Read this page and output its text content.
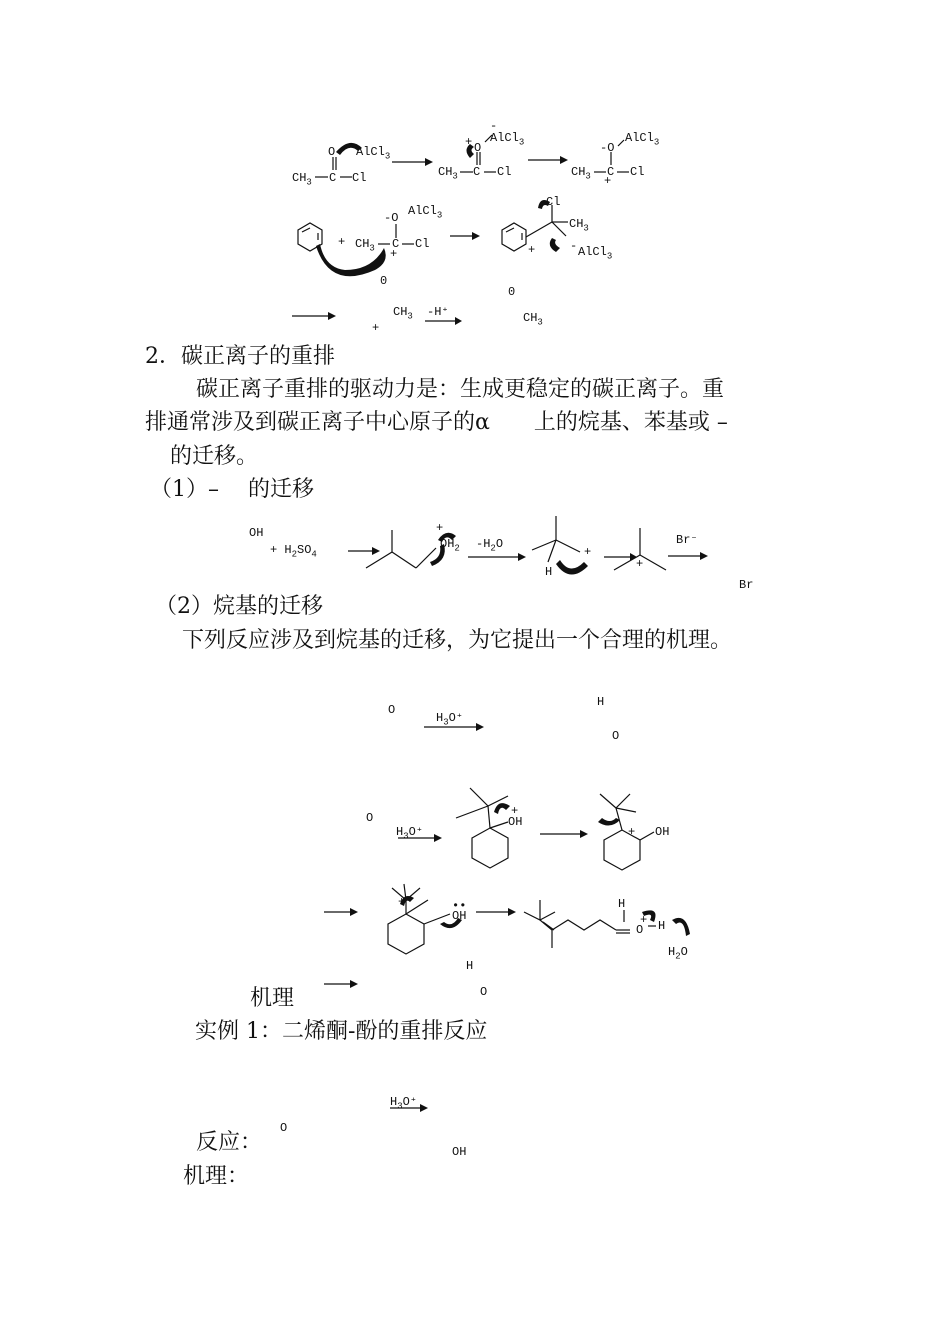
$CH_3$ C Cl
O AlCl$_3$
$CH_3$ C Cl
O
+
-
AlCl$_3$
$CH_3$ C Cl
+
-O
AlCl$_3$
+ $CH_3$ C Cl
+
-O AlCl$_3$
0
Cl
$CH_3$
+	- AlCl$_3$
0
+
$CH_3$ -H⁺	$CH_3$
2．碳正离子的重排
碳正离子重排的驱动力是：生成更稳定的碳正离子。重
排通常涉及到碳正离子中心原子的α　　上的烷基、苯基或 –
的迁移。
（1）–　 的迁移
OH
+ $H_2SO_4$
+
$OH_2$ $-H_2O$
+
H
+
Br⁻
Br
（2）烷基的迁移
下列反应涉及到烷基的迁移，为它提出一个合理的机理。
O
$H_3O^+$
H
O
O
$H_3O^+$
+
OH
+ OH
+	••
OH
H
O
+ H
$H_2O$
H
O
机理
实例 1：二烯酮-酚的重排反应
$H_3O^+$
O
OH
反应：
机理：
